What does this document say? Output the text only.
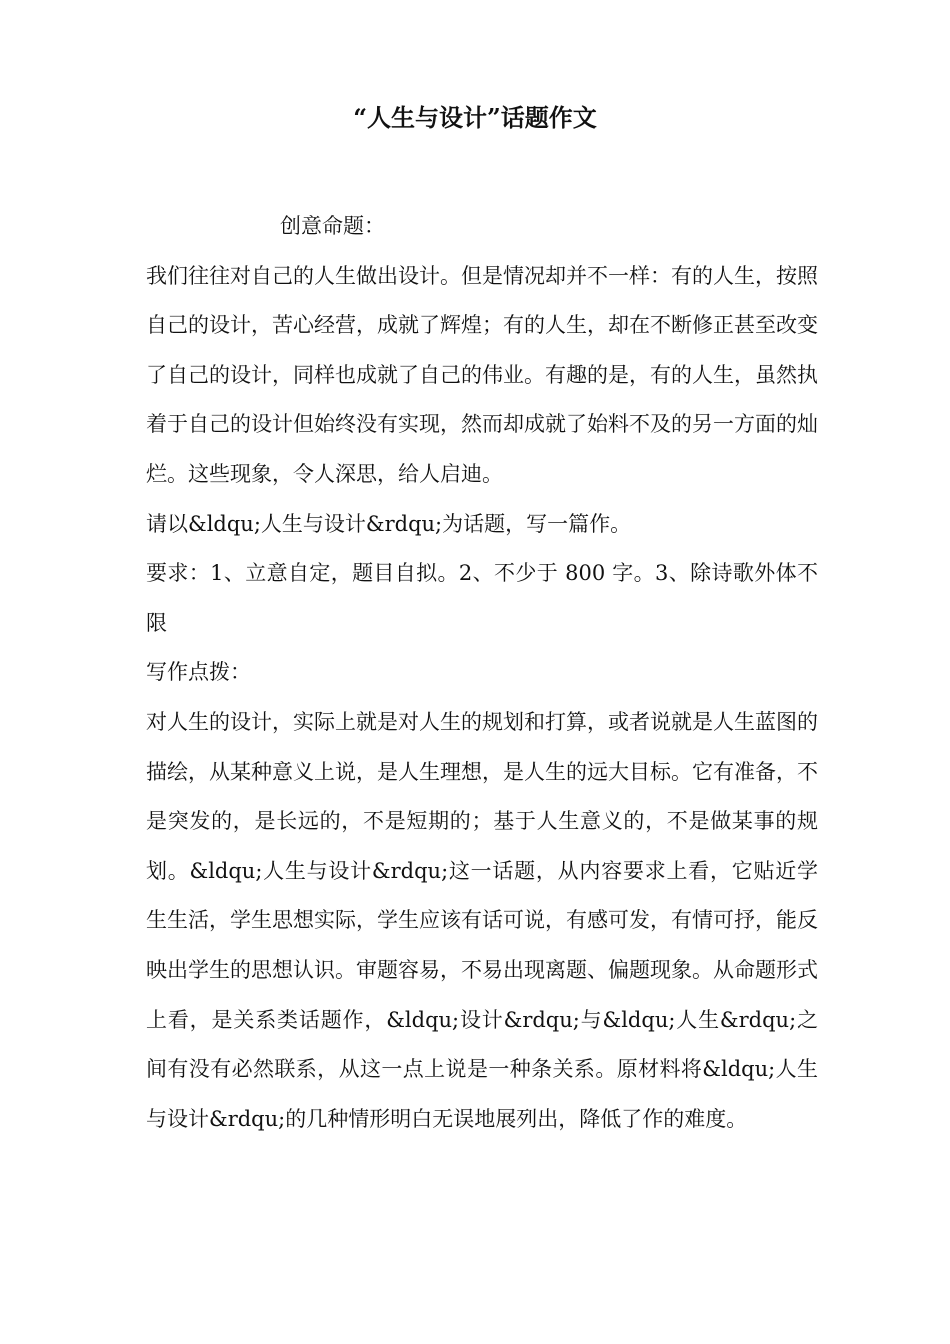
“人生与设计”话题作文

创意命题：

我们往往对自己的人生做出设计。但是情况却并不一样：有的人生，按照自己的设计，苦心经营，成就了辉煌；有的人生，却在不断修正甚至改变了自己的设计，同样也成就了自己的伟业。有趣的是，有的人生，虽然执着于自己的设计但始终没有实现，然而却成就了始料不及的另一方面的灿烂。这些现象，令人深思，给人启迪。

请以&ldqu;人生与设计&rdqu;为话题，写一篇作。

要求：1、立意自定，题目自拟。2、不少于 800 字。3、除诗歌外体不限

写作点拨：

对人生的设计，实际上就是对人生的规划和打算，或者说就是人生蓝图的描绘，从某种意义上说，是人生理想，是人生的远大目标。它有准备，不是突发的，是长远的，不是短期的；基于人生意义的，不是做某事的规划。&ldqu;人生与设计&rdqu;这一话题，从内容要求上看，它贴近学生生活，学生思想实际，学生应该有话可说，有感可发，有情可抒，能反映出学生的思想认识。审题容易，不易出现离题、偏题现象。从命题形式上看，是关系类话题作，&ldqu;设计&rdqu;与&ldqu;人生&rdqu;之间有没有必然联系，从这一点上说是一种条关系。原材料将&ldqu;人生与设计&rdqu;的几种情形明白无误地展列出，降低了作的难度。
